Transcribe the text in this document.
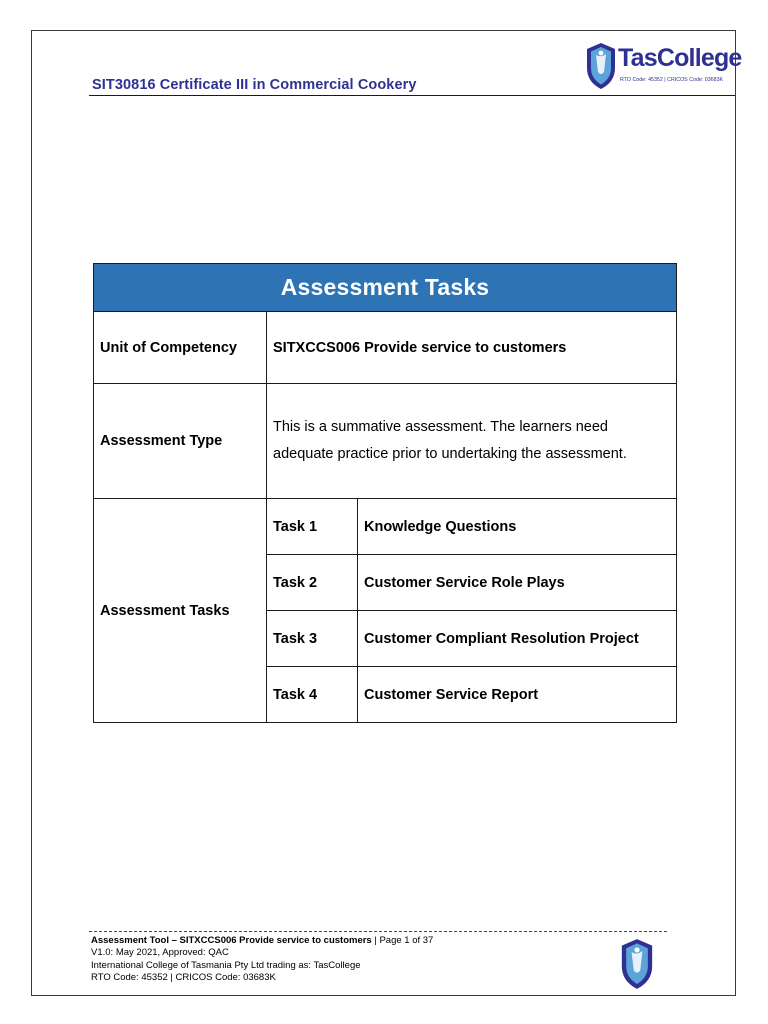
SIT30816 Certificate III in Commercial Cookery
TasCollege
RTO Code: 45352 | CRICOS Code: 03683K
Assessment Tasks		
Unit of Competency	SITXCCS006 Provide service to customers	
Assessment Type	This is a summative assessment. The learners need adequate practice prior to undertaking the assessment.	
Assessment Tasks	Task 1	Knowledge Questions
	Task 2	Customer Service Role Plays
	Task 3	Customer Compliant Resolution Project
	Task 4	Customer Service Report
Assessment Tool – SITXCCS006 Provide service to customers | Page 1 of 37
V1.0: May 2021, Approved: QAC
International College of Tasmania Pty Ltd trading as: TasCollege
RTO Code: 45352 | CRICOS Code: 03683K
